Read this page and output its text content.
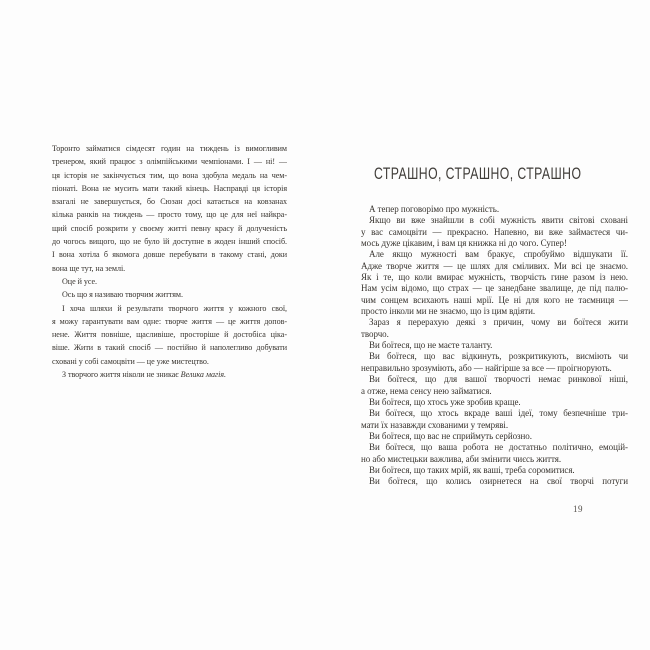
Торонто займатися сімдесят годин на тиждень із вимогливим
тренером, який працює з олімпійськими чемпіонами. І — ні! —
ця історія не закінчується тим, що вона здобула медаль на чем-
піонаті. Вона не мусить мати такий кінець. Насправді ця історія
взагалі не завершується, бо Сюзан досі катається на ковзанах
кілька ранків на тиждень — просто тому, що це для неї найкра-
щий спосіб розкрити у своєму житті певну красу й долученість
до чогось вищого, що не було їй доступне в жоден інший спосіб.
І вона хотіла б якомога довше перебувати в такому стані, доки
вона ще тут, на землі.
Оце й усе.
Ось що я називаю творчим життям.
І хоча шляхи й результати творчого життя у кожного свої,
я можу гарантувати вам одне: творче життя — це життя допов-
нене. Життя повніше, щасливіше, просторіше й достобіса ціка-
віше. Жити в такий спосіб — постійно й наполегливо добувати
сховані у собі самоцвіти — це уже мистецтво.
З творчого життя ніколи не зникає Велика магія.
СТРАШНО, СТРАШНО, СТРАШНО
А тепер поговорімо про мужність.
Якщо ви вже знайшли в собі мужність явити світові сховані
у вас самоцвіти — прекрасно. Напевно, ви вже займаєтеся чи-
мось дуже цікавим, і вам ця книжка ні до чого. Супер!
Але якщо мужності вам бракує, спробуймо відшукати її.
Адже творче життя — це шлях для сміливих. Ми всі це знаємо.
Як і те, що коли вмирає мужність, творчість гине разом із нею.
Нам усім відомо, що страх — це занедбане звалище, де під палю-
чим сонцем всихають наші мрії. Це ні для кого не таємниця —
просто інколи ми не знаємо, що із цим вдіяти.
Зараз я перерахую деякі з причин, чому ви боїтеся жити
творчо.
Ви боїтеся, що не маєте таланту.
Ви боїтеся, що вас відкинуть, розкритикують, висміють чи
неправильно зрозуміють, або — найгірше за все — проігнорують.
Ви боїтеся, що для вашої творчості немає ринкової ніші,
а отже, нема сенсу нею займатися.
Ви боїтеся, що хтось уже зробив краще.
Ви боїтеся, що хтось вкраде ваші ідеї, тому безпечніше три-
мати їх назавжди схованими у темряві.
Ви боїтеся, що вас не сприймуть серйозно.
Ви боїтеся, що ваша робота не достатньо політично, емоцій-
но або мистецьки важлива, аби змінити чиєсь життя.
Ви боїтеся, що таких мрій, як ваші, треба соромитися.
Ви боїтеся, що колись озирнетеся на свої творчі потуги
19
